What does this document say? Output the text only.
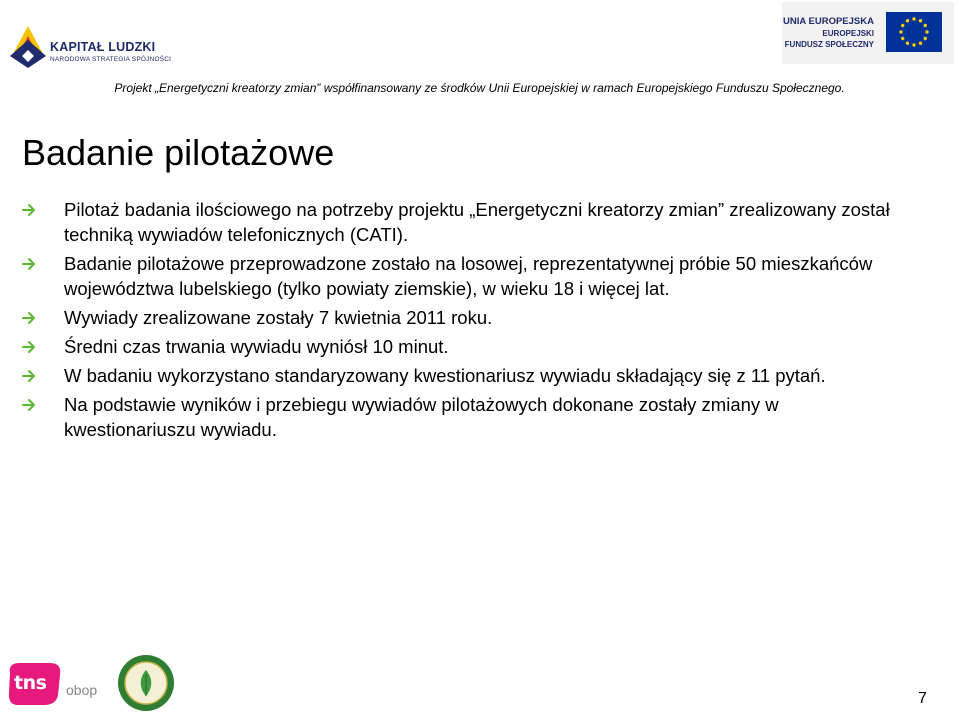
KAPITAŁ LUDZKI
NARODOWA STRATEGIA SPÓJNOŚCI
UNIA EUROPEJSKA
EUROPEJSKI
FUNDUSZ SPOŁECZNY
Projekt „Energetyczni kreatorzy zmian” współfinansowany ze środków Unii Europejskiej w ramach Europejskiego Funduszu Społecznego.
Badanie pilotażowe
Pilotaż badania ilościowego na potrzeby projektu „Energetyczni kreatorzy zmian” zrealizowany został techniką wywiadów telefonicznych (CATI).
Badanie pilotażowe przeprowadzone zostało na losowej, reprezentatywnej próbie 50 mieszkańców województwa lubelskiego (tylko powiaty ziemskie), w wieku 18 i więcej lat.
Wywiady zrealizowane zostały 7 kwietnia 2011 roku.
Średni czas trwania wywiadu wyniósł 10 minut.
W badaniu wykorzystano standaryzowany kwestionariusz wywiadu składający się z 11 pytań.
Na podstawie wyników i przebiegu wywiadów pilotażowych dokonane zostały zmiany w kwestionariuszu wywiadu.
tns obop	7
